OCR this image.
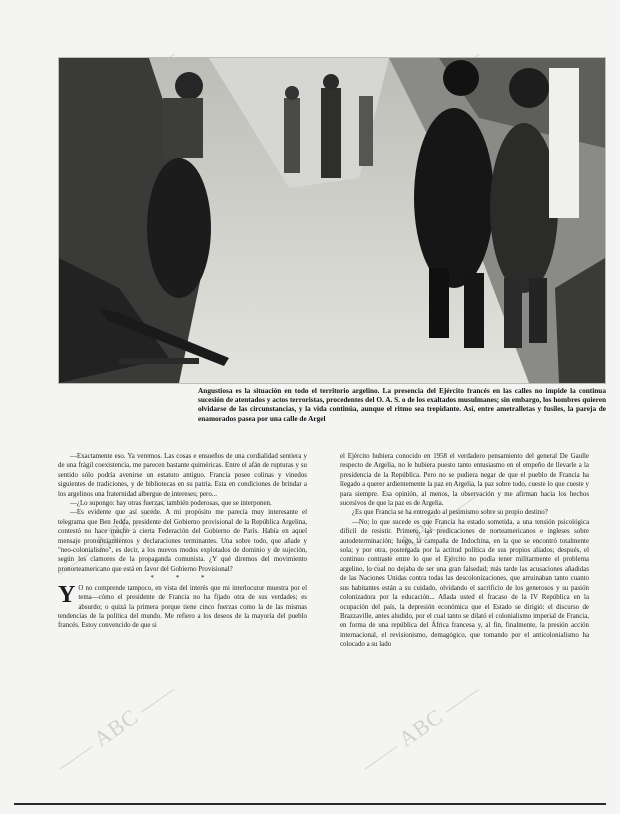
ABC	ABC
ABC	ABC
Angustiosa es la situación en todo el territorio argelino. La presencia del Ejército francés en las calles no impide la continua sucesión de atentados y actos terroristas, procedentes del O. A. S. o de los exaltados musulmanes; sin embargo, los hombres quieren olvidarse de las circunstancias, y la vida continúa, aunque el ritmo sea trepidante. Así, entre ametralletas y fusiles, la pareja de enamorados pasea por una calle de Argel

—Exactamente eso. Ya veremos. Las cosas e ensueños de una cordialidad sentiera y de una frágil coexistencia, me parecen bastante quiméricas. Entre el afán de rupturas y su sentido sólo podría avenirse un estatuto antiguo. Francia posee colinas y vinedos siguientes de tradiciones, y de bibliotecas en su patria. Esta en condiciones de brindar a los argelinos una fraternidad albergue de intereses; pero...

—¿Lo supongo: hay otras fuerzas, también poderosas, que se interponen.

—Es evidente que así sucede. A mi propósito me parecía muy interesante el telegrama que Ben Jedda, presidente del Gobierno provisional de la República Argelina, contestó no hace mucho a cierta Federación del Gobierno de París. Había en aquel mensaje pronunciamientos y declaraciones terminantes. Una sobre todo, que añade y "neo-colonialismo", es decir, a los nuevos modos explotados de dominio y de sujeción, según los clamores de la propaganda comunista. ¿Y qué diremos del movimiento pronorteamericano que está en favor del Gobierno Provisional?

* * *

Y O no comprende tampoco, en vista del interés que mi interlocutor muestra por el tema—cómo el presidente de Francia no ha fijado otra de sus verdades; es absurdo; o quizá la primera porque tiene cinco fuerzas como la de las mismas tendencias de la política del mundo. Me refiero a los deseos de la mayoría del pueblo francés. Estoy convencido de que si

el Ejército hubiera conocido en 1958 el verdadero pensamiento del general De Gaulle respecto de Argelia, no le hubiera puesto tanto entusiasmo en el empeño de llevarle a la presidencia de la República. Pero no se pudiera negar de que el pueblo de Francia ha llegado a querer ardientemente la paz en Argelia, la paz sobre todo, cueste lo que cueste y para siempre. Esa opinión, al menos, la observación y me afirman hacia los hechos sucesivos de que la paz es de Argelia.

¿Es que Francia se ha entregado al pesimismo sobre su propio destino?

—No; lo que sucede es que Francia ha estado sometida, a una tensión psicológica difícil de resistir. Primero, las predicaciones de norteamericanos e ingleses sobre autodeterminación; luego, la campaña de Indochina, en la que se encontró totalmente sola; y por otra, postergada por la actitud política de sus propios aliados; después, el continuo contraste entre lo que el Ejército no podía tener militarmente el problema argelino, lo cual no dejaba de ser una gran falsedad; más tarde las acusaciones añadidas de las Naciones Unidas contra todas las descolonizaciones, que arruinaban tanto cuanto sus habitantes están a su cuidado, olvidando el sacrificio de los generosos y su pasión colonizadora por la educación... Añada usted el fracaso de la IV República en la ocupación del país, la depresión económica que el Estado se dirigió: el discurso de Brazzaville, antes aludido, por el cual tanto se dilató el colonialismo imperial de Francia, en forma de una república del África francesa y, al fin, finalmente, la presión acción internacional, el revisionismo, demagógico, que tomando por el anticolonialismo ha colocado a su lado
